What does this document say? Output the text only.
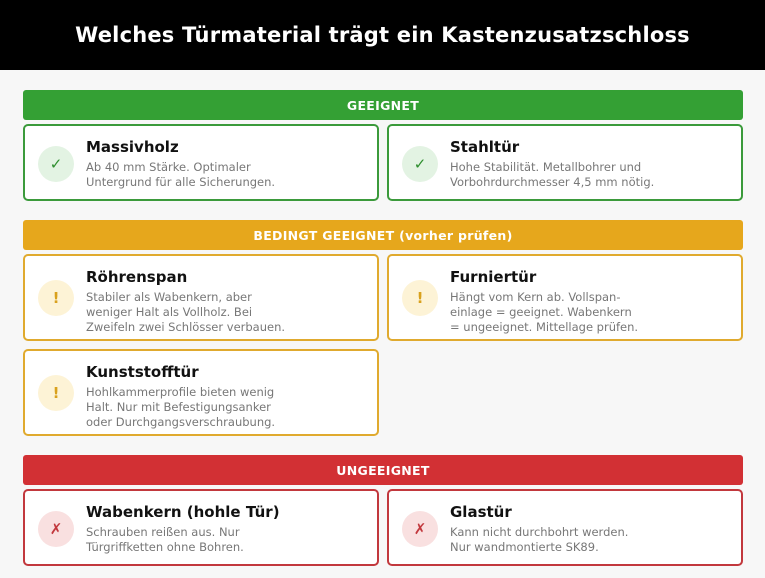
Welches Türmaterial trägt ein Kastenzusatzschloss
GEEIGNET
✓
Massivholz
Ab 40 mm Stärke. Optimaler
Untergrund für alle Sicherungen.
✓
Stahltür
Hohe Stabilität. Metallbohrer und
Vorbohrdurchmesser 4,5 mm nötig.
BEDINGT GEEIGNET (vorher prüfen)
!
Röhrenspan
Stabiler als Wabenkern, aber
weniger Halt als Vollholz. Bei
Zweifeln zwei Schlösser verbauen.
!
Furniertür
Hängt vom Kern ab. Vollspan-
einlage = geeignet. Wabenkern
= ungeeignet. Mittellage prüfen.
!
Kunststofftür
Hohlkammerprofile bieten wenig
Halt. Nur mit Befestigungsanker
oder Durchgangsverschraubung.
UNGEEIGNET
✗
Wabenkern (hohle Tür)
Schrauben reißen aus. Nur
Türgriffketten ohne Bohren.
✗
Glastür
Kann nicht durchbohrt werden.
Nur wandmontierte SK89.
